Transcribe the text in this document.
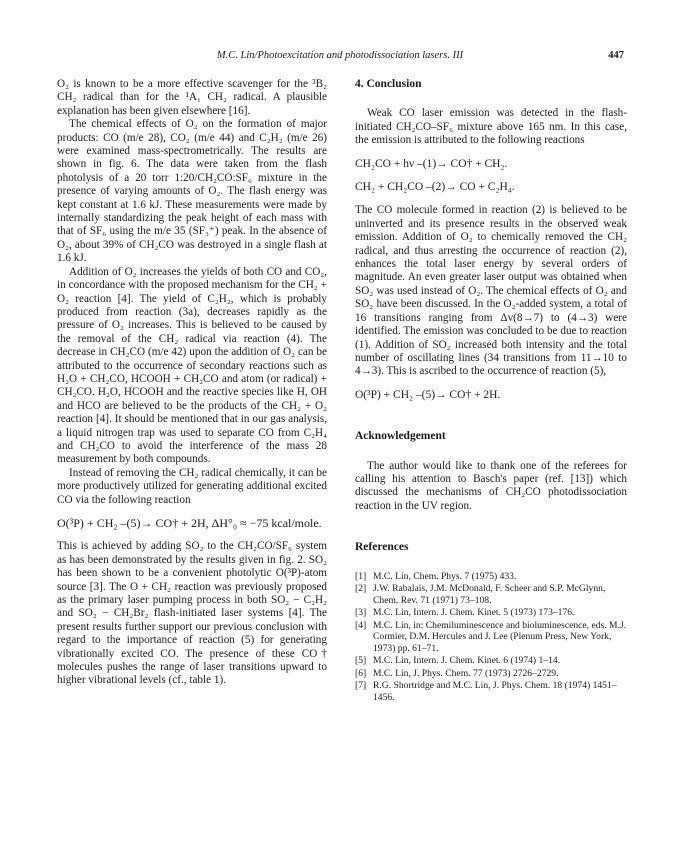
M.C. Lin/Photoexcitation and photodissociation lasers. III	447

O₂ is known to be a more effective scavenger for the ³B₂ CH₂ radical than for the ¹A₁ CH₂ radical. A plausible explanation has been given elsewhere [16].

The chemical effects of O₂ on the formation of major products: CO (m/e 28), CO₂ (m/e 44) and C₂H₂ (m/e 26) were examined mass-spectrometrically. The results are shown in fig. 6. The data were taken from the flash photolysis of a 20 torr 1:20/CH₂CO:SF₆ mixture in the presence of varying amounts of O₂. The flash energy was kept constant at 1.6 kJ. These measurements were made by internally standardizing the peak height of each mass with that of SF₆ using the m/e 35 (SF₃⁺) peak. In the absence of O₂, about 39% of CH₂CO was destroyed in a single flash at 1.6 kJ.

Addition of O₂ increases the yields of both CO and CO₂, in concordance with the proposed mechanism for the CH₂ + O₂ reaction [4]. The yield of C₂H₂, which is probably produced from reaction (3a), decreases rapidly as the pressure of O₂ increases. This is believed to be caused by the removal of the CH₂ radical via reaction (4). The decrease in CH₂CO (m/e 42) upon the addition of O₂ can be attributed to the occurrence of secondary reactions such as H₂O + CH₂CO, HCOOH + CH₂CO and atom (or radical) + CH₂CO. H₂O, HCOOH and the reactive species like H, OH and HCO are believed to be the products of the CH₂ + O₂ reaction [4]. It should be mentioned that in our gas analysis, a liquid nitrogen trap was used to separate CO from C₂H₄ and CH₂CO to avoid the interference of the mass 28 measurement by both compounds.

Instead of removing the CH₂ radical chemically, it can be more productively utilized for generating additional excited CO via the following reaction

O(³P) + CH₂ –(5)→ CO† + 2H, ΔH°₀ ≈ −75 kcal/mole.

This is achieved by adding SO₂ to the CH₂CO/SF₆ system as has been demonstrated by the results given in fig. 2. SO₂ has been shown to be a convenient photolytic O(³P)-atom source [3]. The O + CH₂ reaction was previously proposed as the primary laser pumping process in both SO₂ − C₂H₂ and SO₂ − CH₂Br₂ flash-initiated laser systems [4]. The present results further support our previous conclusion with regard to the importance of reaction (5) for generating vibrationally excited CO. The presence of these CO† molecules pushes the range of laser transitions upward to higher vibrational levels (cf., table 1).

4. Conclusion

Weak CO laser emission was detected in the flash-initiated CH₂CO–SF₆ mixture above 165 nm. In this case, the emission is attributed to the following reactions

CH₂CO + hν –(1)→ CO† + CH₂.
CH₂ + CH₂CO –(2)→ CO + C₂H₄.

The CO molecule formed in reaction (2) is believed to be uninverted and its presence results in the observed weak emission. Addition of O₂ to chemically removed the CH₂ radical, and thus arresting the occurrence of reaction (2), enhances the total laser energy by several orders of magnitude. An even greater laser output was obtained when SO₂ was used instead of O₂. The chemical effects of O₂ and SO₂ have been discussed. In the O₂-added system, a total of 16 transitions ranging from Δv(8→7) to (4→3) were identified. The emission was concluded to be due to reaction (1). Addition of SO₂ increased both intensity and the total number of oscillating lines (34 transitions from 11→10 to 4→3). This is ascribed to the occurrence of reaction (5),

O(³P) + CH₂ –(5)→ CO† + 2H.
Acknowledgement

The author would like to thank one of the referees for calling his attention to Basch's paper (ref. [13]) which discussed the mechanisms of CH₂CO photodissociation reaction in the UV region.

References
[1] M.C. Lin, Chem. Phys. 7 (1975) 433.
[2] J.W. Rabalais, J.M. McDonald, F. Scheer and S.P. McGlynn, Chem. Rev. 71 (1971) 73–108.
[3] M.C. Lin, Intern. J. Chem. Kinet. 5 (1973) 173–176.
[4] M.C. Lin, in: Chemiluminescence and bioluminescence, eds. M.J. Cormier, D.M. Hercules and J. Lee (Plenum Press, New York, 1973) pp. 61–71.
[5] M.C. Lin, Intern. J. Chem. Kinet. 6 (1974) 1–14.
[6] M.C. Lin, J. Phys. Chem. 77 (1973) 2726–2729.
[7] R.G. Shortridge and M.C. Lin, J. Phys. Chem. 18 (1974) 1451–1456.
